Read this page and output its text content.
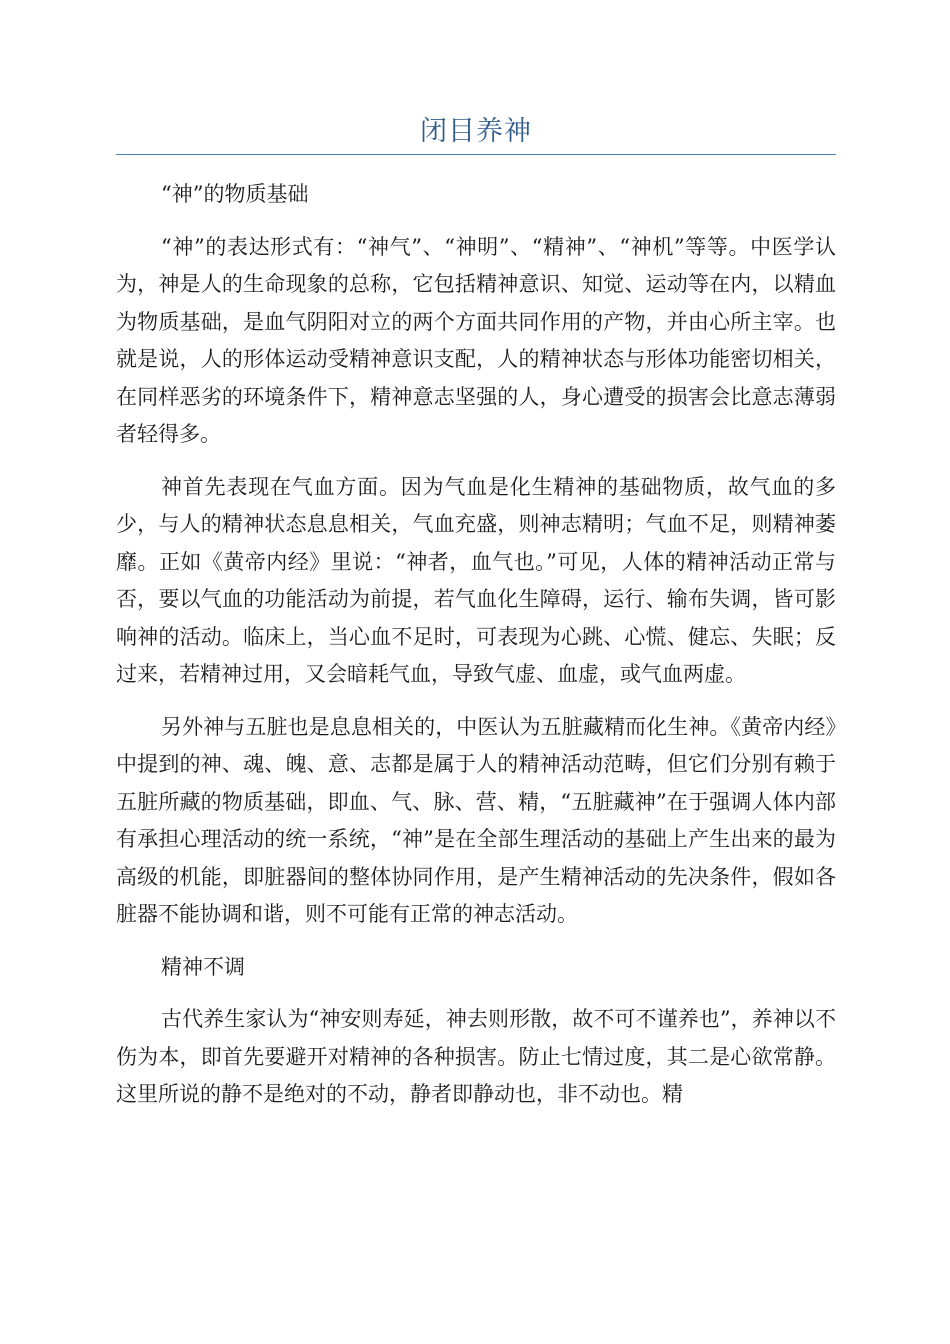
闭目养神
“神”的物质基础

“神”的表达形式有：“神气”、“神明”、“精神”、“神机”等等。中医学认为，神是人的生命现象的总称，它包括精神意识、知觉、运动等在内，以精血为物质基础，是血气阴阳对立的两个方面共同作用的产物，并由心所主宰。也就是说，人的形体运动受精神意识支配，人的精神状态与形体功能密切相关，在同样恶劣的环境条件下，精神意志坚强的人，身心遭受的损害会比意志薄弱者轻得多。

神首先表现在气血方面。因为气血是化生精神的基础物质，故气血的多少，与人的精神状态息息相关，气血充盛，则神志精明；气血不足，则精神萎靡。正如《黄帝内经》里说：“神者，血气也。”可见，人体的精神活动正常与否，要以气血的功能活动为前提，若气血化生障碍，运行、输布失调，皆可影响神的活动。临床上，当心血不足时，可表现为心跳、心慌、健忘、失眠；反过来，若精神过用，又会暗耗气血，导致气虚、血虚，或气血两虚。

另外神与五脏也是息息相关的，中医认为五脏藏精而化生神。《黄帝内经》中提到的神、魂、魄、意、志都是属于人的精神活动范畴，但它们分别有赖于五脏所藏的物质基础，即血、气、脉、营、精，“五脏藏神”在于强调人体内部有承担心理活动的统一系统，“神”是在全部生理活动的基础上产生出来的最为高级的机能，即脏器间的整体协同作用，是产生精神活动的先决条件，假如各脏器不能协调和谐，则不可能有正常的神志活动。

精神不调

古代养生家认为“神安则寿延，神去则形散，故不可不谨养也”，养神以不伤为本，即首先要避开对精神的各种损害。防止七情过度，其二是心欲常静。这里所说的静不是绝对的不动，静者即静动也，非不动也。精
